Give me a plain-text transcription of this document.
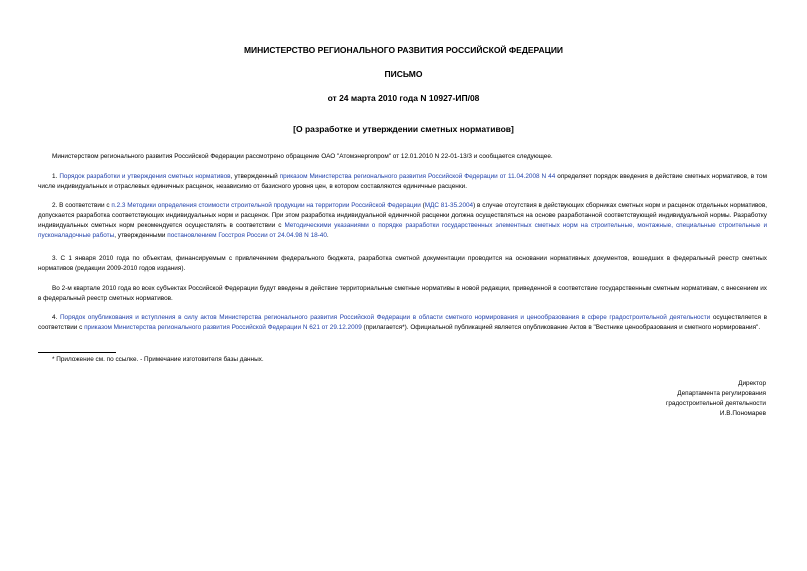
МИНИСТЕРСТВО РЕГИОНАЛЬНОГО РАЗВИТИЯ РОССИЙСКОЙ ФЕДЕРАЦИИ
ПИСЬМО
от 24 марта 2010 года N 10927-ИП/08
[О разработке и утверждении сметных нормативов]
Министерством регионального развития Российской Федерации рассмотрено обращение ОАО "Атомэнергопром" от 12.01.2010 N 22-01-13/3 и сообщается следующее.
1. Порядок разработки и утверждения сметных нормативов, утвержденный приказом Министерства регионального развития Российской Федерации от 11.04.2008 N 44 определяет порядок введения в действие сметных нормативов, в том числе индивидуальных и отраслевых единичных расценок, независимо от базисного уровня цен, в котором составляются единичные расценки.
2. В соответствии с п.2.3 Методики определения стоимости строительной продукции на территории Российской Федерации (МДС 81-35.2004) в случае отсутствия в действующих сборниках сметных норм и расценок отдельных нормативов, допускается разработка соответствующих индивидуальных норм и расценок. При этом разработка индивидуальной единичной расценки должна осуществляться на основе разработанной соответствующей индивидуальной нормы. Разработку индивидуальных сметных норм рекомендуется осуществлять в соответствии с Методическими указаниями о порядке разработки государственных элементных сметных норм на строительные, монтажные, специальные строительные и пусконаладочные работы, утвержденными постановлением Госстроя России от 24.04.98 N 18-40.
3. С 1 января 2010 года по объектам, финансируемым с привлечением федерального бюджета, разработка сметной документации проводится на основании нормативных документов, вошедших в федеральный реестр сметных нормативов (редакции 2009-2010 годов издания).
Во 2-м квартале 2010 года во всех субъектах Российской Федерации будут введены в действие территориальные сметные нормативы в новой редакции, приведенной в соответствие государственным сметным нормативам, с внесением их в федеральный реестр сметных нормативов.
4. Порядок опубликования и вступления в силу актов Министерства регионального развития Российской Федерации в области сметного нормирования и ценообразования в сфере градостроительной деятельности осуществляется в соответствии с приказом Министерства регионального развития Российской Федерации N 621 от 29.12.2009 (прилагается*). Официальной публикацией является опубликование Актов в "Вестнике ценообразования и сметного нормирования".
* Приложение см. по ссылке. - Примечание изготовителя базы данных.
Директор
Департамента регулирования
градостроительной деятельности
И.В.Пономарев
